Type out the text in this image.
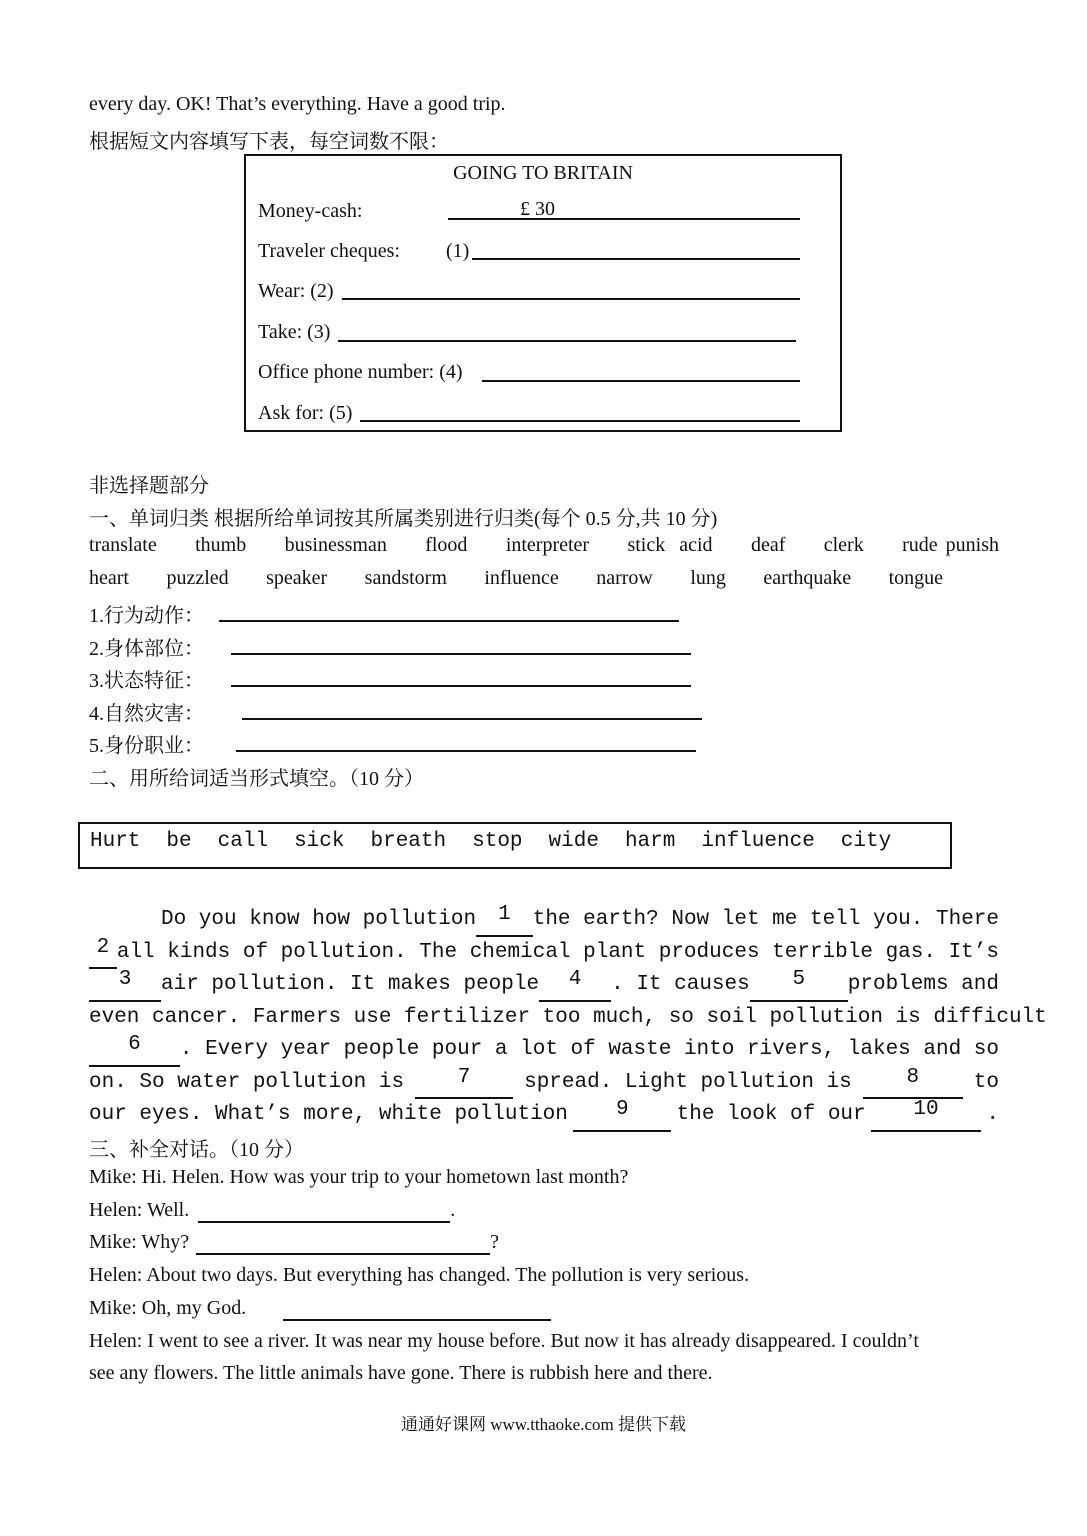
every day. OK! That’s everything. Have a good trip.
根据短文内容填写下表，每空词数不限：
GOING TO BRITAIN
Money-cash:	£ 30
Traveler cheques: (1)
Wear: (2)
Take: (3)
Office phone number: (4)
Ask for: (5)
非选择题部分
一、单词归类 根据所给单词按其所属类别进行归类(每个 0.5 分,共 10 分)
translate thumb businessman flood interpreter stick acid deaf clerk rude punish
heart puzzled speaker sandstorm influence narrow lung earthquake tongue
1.行为动作：
2.身体部位：
3.状态特征：
4.自然灾害：
5.身份职业：
二、用所给词适当形式填空。（10 分）
Hurt be call sick breath stop wide harm influence city
Do you know how pollution	1	the earth? Now let me tell you. There
2 all kinds of pollution. The chemical plant produces terrible gas. It’s
3	air pollution. It makes people	4	. It causes	5	problems and
even cancer. Farmers use fertilizer too much, so soil pollution is difficult
6	. Every year people pour a lot of waste into rivers, lakes and so
on. So water pollution is	7	spread. Light pollution is	8	to
our eyes. What’s more, white pollution	9	the look of our	10	.
三、补全对话。（10 分）
Mike: Hi. Helen. How was your trip to your hometown last month?
Helen: Well.	.
Mike: Why?	?
Helen: About two days. But everything has changed. The pollution is very serious.
Mike: Oh, my God.
Helen: I went to see a river. It was near my house before. But now it has already disappeared. I couldn’t
see any flowers. The little animals have gone. There is rubbish here and there.
通通好课网 www.tthaoke.com 提供下载
